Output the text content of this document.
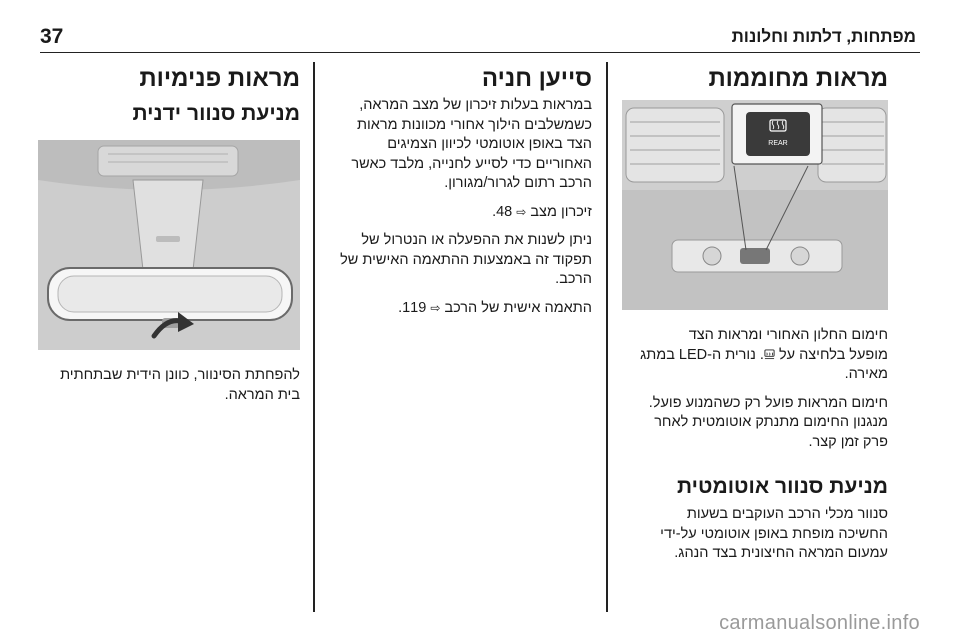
37	מפתחות, דלתות וחלונות
מראות מחוממות
REAR

חימום החלון האחורי ומראות הצד
מופעל בלחיצה על . נורית ה-LED במתג
מאירה.

חימום המראות פועל רק כשהמנוע פועל.
מנגנון החימום מתנתק אוטומטית לאחר
פרק זמן קצר.

מניעת סנוור אוטומטית

סנוור מכלי הרכב העוקבים בשעות
החשיכה מופחת באופן אוטומטי על-ידי
עמעום המראה החיצונית בצד הנהג.

סייען חניה

במראות בעלות זיכרון של מצב המראה,
כשמשלבים הילוך אחורי מכוונות מראות
הצד באופן אוטומטי לכיוון הצמיגים
האחוריים כדי לסייע לחנייה, מלבד כאשר
הרכב רתום לגרור/מגורון.

זיכרון מצב ⇨ 48.

ניתן לשנות את ההפעלה או הנטרול של
תפקוד זה באמצעות ההתאמה האישית של
הרכב.

התאמה אישית של הרכב ⇨ 119.

מראות פנימיות
מניעת סנוור ידנית

להפחתת הסינוור, כוונן הידית שבתחתית
בית המראה.

carmanualsonline.info
